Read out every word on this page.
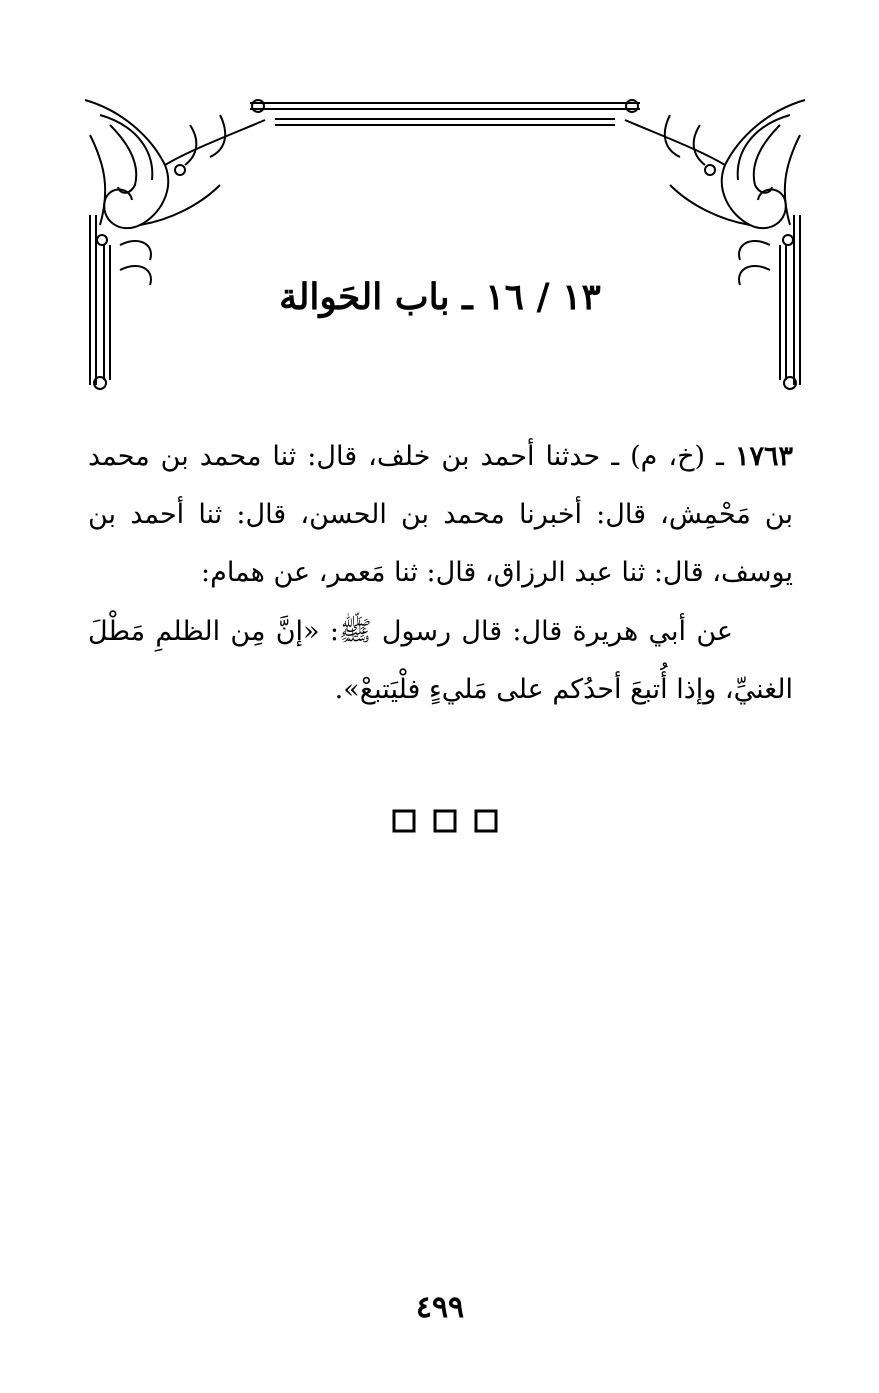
١٣ / ١٦ ـ باب الحَوالة
١٧٦٣ ـ (خ، م) ـ حدثنا أحمد بن خلف، قال: ثنا محمد بن محمد بن مَحْمِش، قال: أخبرنا محمد بن الحسن، قال: ثنا أحمد بن يوسف، قال: ثنا عبد الرزاق، قال: ثنا مَعمر، عن همام:
عن أبي هريرة قال: قال رسول ﷺ: «إنَّ مِن الظلمِ مَطْلَ الغنيِّ، وإذا أُتبعَ أحدُكم على مَليءٍ فلْيَتبعْ».
٤٩٩
